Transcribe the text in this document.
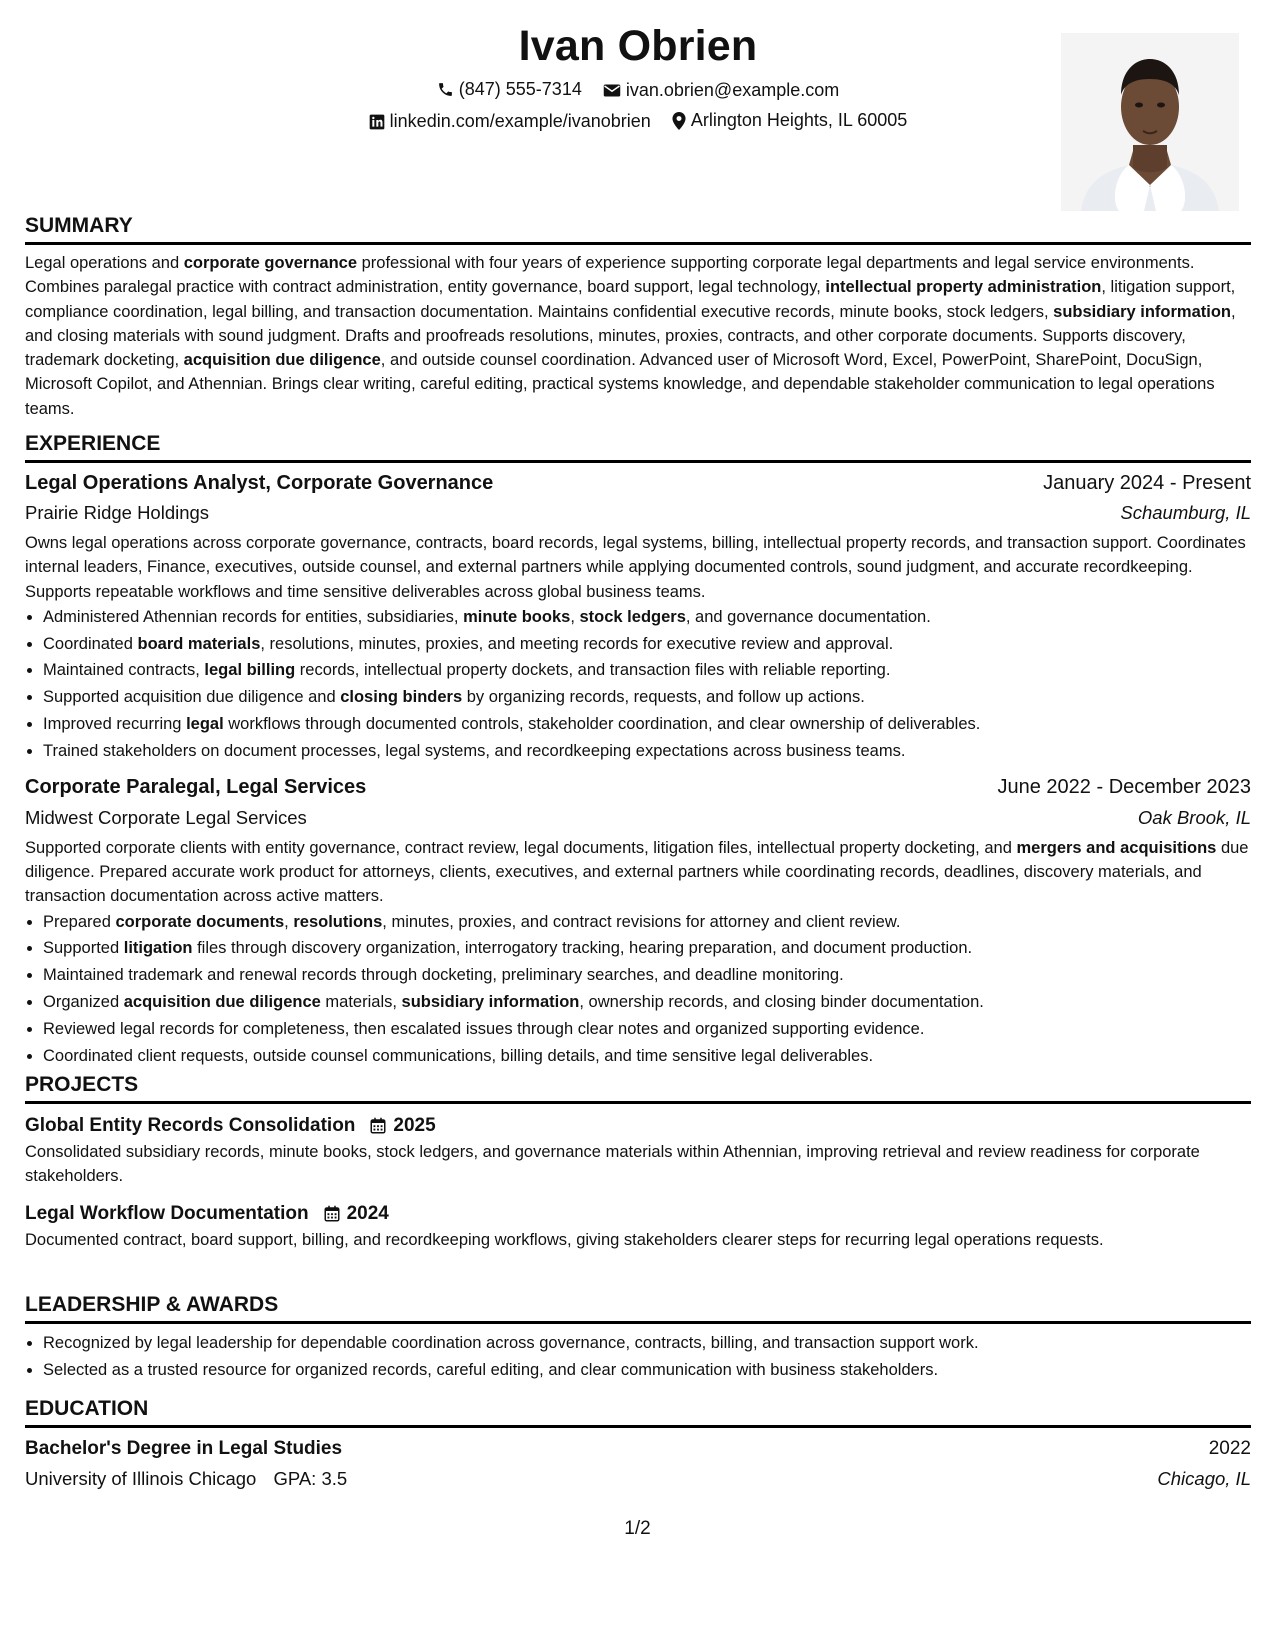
Ivan Obrien
(847) 555-7314
ivan.obrien@example.com
linkedin.com/example/ivanobrien
Arlington Heights, IL 60005
SUMMARY

Legal operations and corporate governance professional with four years of experience supporting corporate legal departments and legal service environments. Combines paralegal practice with contract administration, entity governance, board support, legal technology, intellectual property administration, litigation support, compliance coordination, legal billing, and transaction documentation. Maintains confidential executive records, minute books, stock ledgers, subsidiary information, and closing materials with sound judgment. Drafts and proofreads resolutions, minutes, proxies, contracts, and other corporate documents. Supports discovery, trademark docketing, acquisition due diligence, and outside counsel coordination. Advanced user of Microsoft Word, Excel, PowerPoint, SharePoint, DocuSign, Microsoft Copilot, and Athennian. Brings clear writing, careful editing, practical systems knowledge, and dependable stakeholder communication to legal operations teams.

EXPERIENCE
Legal Operations Analyst, Corporate Governance	January 2024 - Present
Prairie Ridge Holdings	Schaumburg, IL

Owns legal operations across corporate governance, contracts, board records, legal systems, billing, intellectual property records, and transaction support. Coordinates internal leaders, Finance, executives, outside counsel, and external partners while applying documented controls, sound judgment, and accurate recordkeeping. Supports repeatable workflows and time sensitive deliverables across global business teams.

• Administered Athennian records for entities, subsidiaries, minute books, stock ledgers, and governance documentation.
• Coordinated board materials, resolutions, minutes, proxies, and meeting records for executive review and approval.
• Maintained contracts, legal billing records, intellectual property dockets, and transaction files with reliable reporting.
• Supported acquisition due diligence and closing binders by organizing records, requests, and follow up actions.
• Improved recurring legal workflows through documented controls, stakeholder coordination, and clear ownership of deliverables.
• Trained stakeholders on document processes, legal systems, and recordkeeping expectations across business teams.
Corporate Paralegal, Legal Services	June 2022 - December 2023
Midwest Corporate Legal Services	Oak Brook, IL

Supported corporate clients with entity governance, contract review, legal documents, litigation files, intellectual property docketing, and mergers and acquisitions due diligence. Prepared accurate work product for attorneys, clients, executives, and external partners while coordinating records, deadlines, discovery materials, and transaction documentation across active matters.

• Prepared corporate documents, resolutions, minutes, proxies, and contract revisions for attorney and client review.
• Supported litigation files through discovery organization, interrogatory tracking, hearing preparation, and document production.
• Maintained trademark and renewal records through docketing, preliminary searches, and deadline monitoring.
• Organized acquisition due diligence materials, subsidiary information, ownership records, and closing binder documentation.
• Reviewed legal records for completeness, then escalated issues through clear notes and organized supporting evidence.
• Coordinated client requests, outside counsel communications, billing details, and time sensitive legal deliverables.
PROJECTS
Global Entity Records Consolidation 2025

Consolidated subsidiary records, minute books, stock ledgers, and governance materials within Athennian, improving retrieval and review readiness for corporate stakeholders.

Legal Workflow Documentation 2024

Documented contract, board support, billing, and recordkeeping workflows, giving stakeholders clearer steps for recurring legal operations requests.

LEADERSHIP & AWARDS
• Recognized by legal leadership for dependable coordination across governance, contracts, billing, and transaction support work.
• Selected as a trusted resource for organized records, careful editing, and clear communication with business stakeholders.
EDUCATION
Bachelor's Degree in Legal Studies	2022
University of Illinois Chicago GPA: 3.5	Chicago, IL
1/2
